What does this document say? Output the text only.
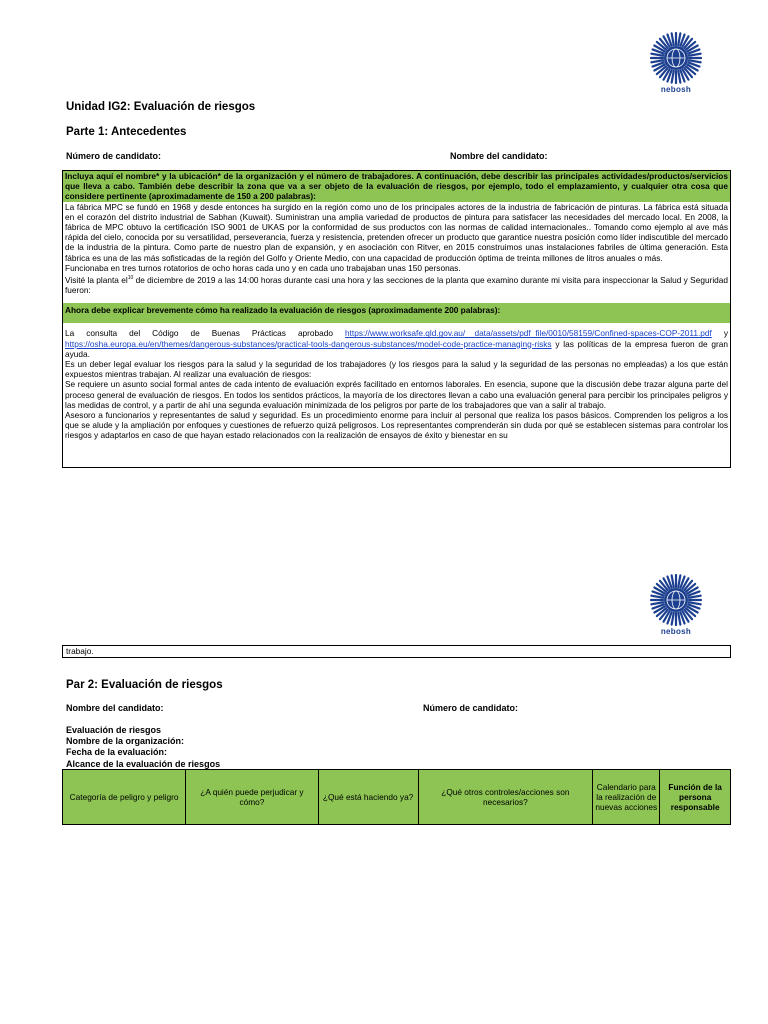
nebosh
Unidad IG2: Evaluación de riesgos
Parte 1: Antecedentes
Número de candidato:	Nombre del candidato:
Incluya aquí el nombre* y la ubicación* de la organización y el número de trabajadores. A continuación, debe describir las principales actividades/productos/servicios que lleva a cabo. También debe describir la zona que va a ser objeto de la evaluación de riesgos, por ejemplo, todo el emplazamiento, y cualquier otra cosa que considere pertinente (aproximadamente de 150 a 200 palabras):

La fábrica MPC se fundó en 1968 y desde entonces ha surgido en la región como uno de los principales actores de la industria de fabricación de pinturas. La fábrica está situada en el corazón del distrito industrial de Sabhan (Kuwait). Suministran una amplia variedad de productos de pintura para satisfacer las necesidades del mercado local. En 2008, la fábrica de MPC obtuvo la certificación ISO 9001 de UKAS por la conformidad de sus productos con las normas de calidad internacionales.. Tomando como ejemplo al ave más rápida del cielo, conocida por su versatilidad, perseverancia, fuerza y resistencia, pretenden ofrecer un producto que garantice nuestra posición como líder indiscutible del mercado de la industria de la pintura. Como parte de nuestro plan de expansión, y en asociación con Ritver, en 2015 construimos unas instalaciones fabriles de última generación. Esta fábrica es una de las más sofisticadas de la región del Golfo y Oriente Medio, con una capacidad de producción óptima de treinta millones de litros anuales o más.

Funcionaba en tres turnos rotatorios de ocho horas cada uno y en cada uno trabajaban unas 150 personas.

Visité la planta $el^{10}$ de diciembre de 2019 a las 14:00 horas durante casi una hora y las secciones de la planta que examino durante mi visita para inspeccionar la Salud y Seguridad fueron:

Ahora debe explicar brevemente cómo ha realizado la evaluación de riesgos (aproximadamente 200 palabras):

La consulta del Código de Buenas Prácticas aprobado https://www.worksafe.qld.gov.au/__data/assets/pdf_file/0010/58159/Confined-spaces-COP-2011.pdf y https://osha.europa.eu/en/themes/dangerous-substances/practical-tools-dangerous-substances/model-code-practice-managing-risks y las políticas de la empresa fueron de gran ayuda.

Es un deber legal evaluar los riesgos para la salud y la seguridad de los trabajadores (y los riesgos para la salud y la seguridad de las personas no empleadas) a los que están expuestos mientras trabajan. Al realizar una evaluación de riesgos:

Se requiere un asunto social formal antes de cada intento de evaluación exprés facilitado en entornos laborales. En esencia, supone que la discusión debe trazar alguna parte del proceso general de evaluación de riesgos. En todos los sentidos prácticos, la mayoría de los directores llevan a cabo una evaluación general para percibir los principales peligros y las medidas de control, y a partir de ahí una segunda evaluación minimizada de los peligros por parte de los trabajadores que van a salir al trabajo.

Asesoro a funcionarios y representantes de salud y seguridad. Es un procedimiento enorme para incluir al personal que realiza los pasos básicos. Comprenden los peligros a los que se alude y la ampliación por enfoques y cuestiones de refuerzo quizá peligrosos. Los representantes comprenderán sin duda por qué se establecen sistemas para controlar los riesgos y adaptarlos en caso de que hayan estado relacionados con la realización de ensayos de éxito y bienestar en su

nebosh
trabajo.
Par 2: Evaluación de riesgos
Nombre del candidato:	Número de candidato:
Evaluación de riesgos
Nombre de la organización:
Fecha de la evaluación:
Alcance de la evaluación de riesgos
Categoría de peligro y peligro	¿A quién puede perjudicar y cómo?	¿Qué está haciendo ya?	¿Qué otros controles/acciones son necesarios?	Calendario para la realización de nuevas acciones	Función de la persona responsable
